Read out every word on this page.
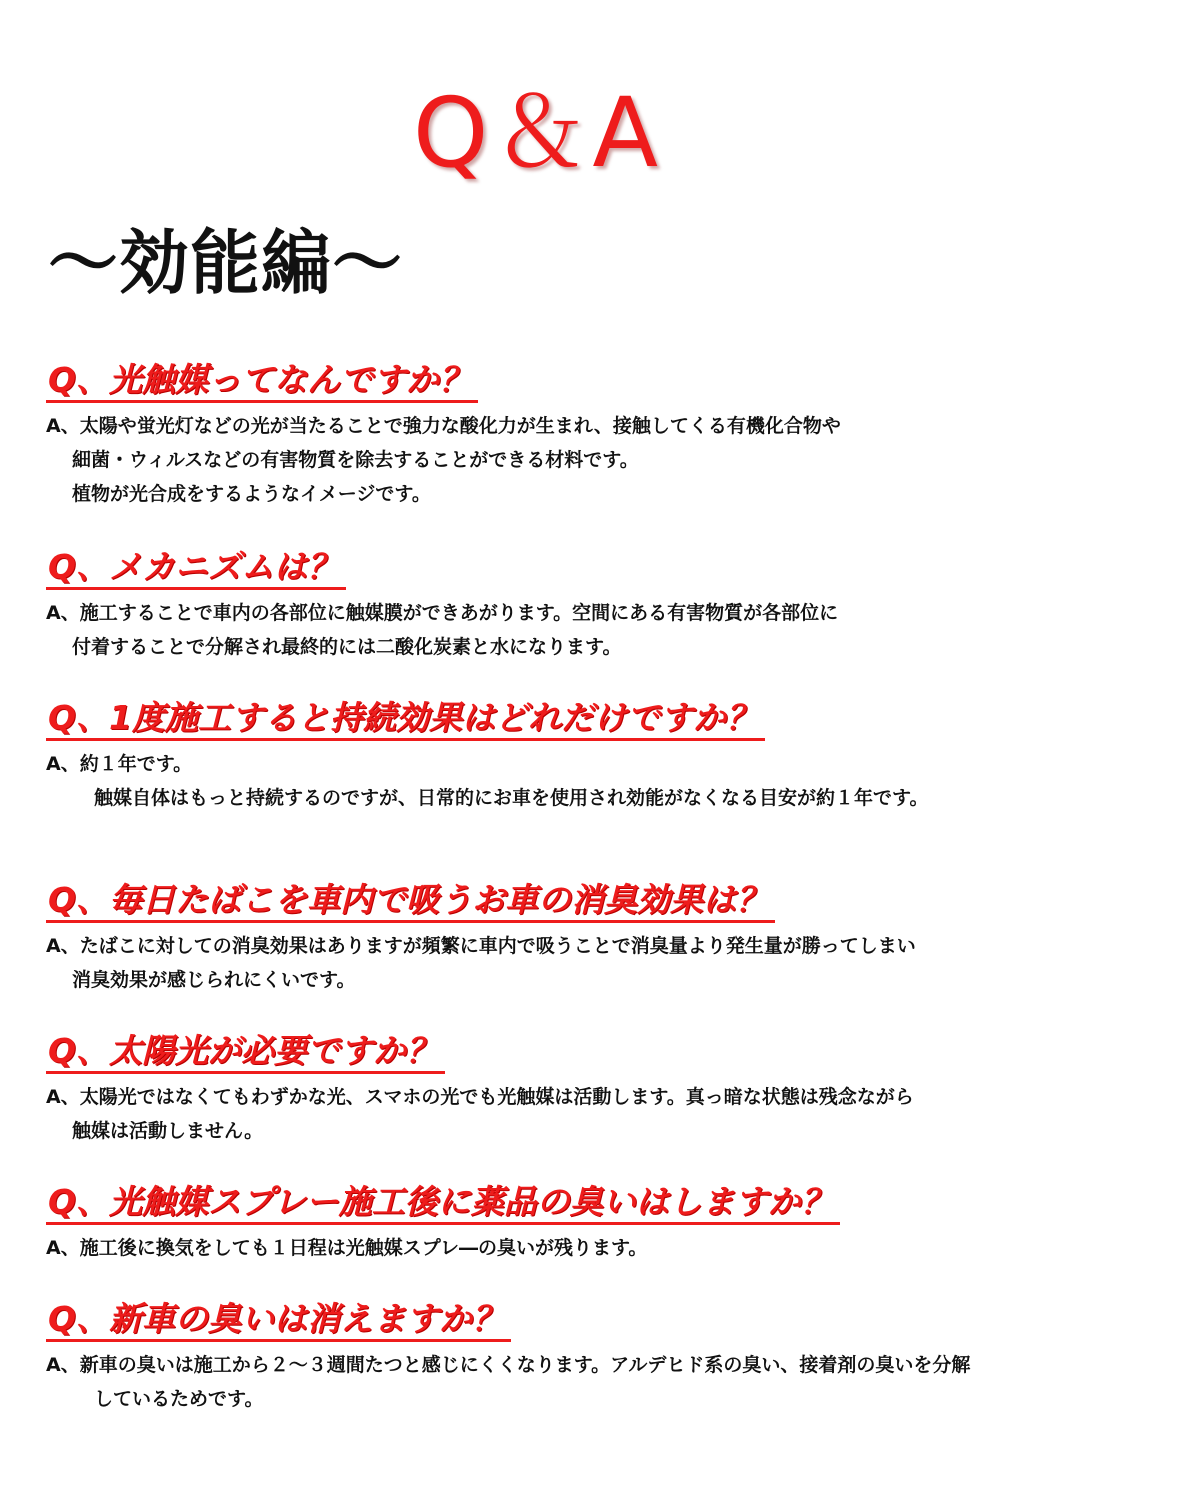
Q＆A
～効能編～
Q、光触媒ってなんですか？
A、太陽や蛍光灯などの光が当たることで強力な酸化力が生まれ、接触してくる有機化合物や
細菌・ウィルスなどの有害物質を除去することができる材料です。
植物が光合成をするようなイメージです。
Q、メカニズムは？
A、施工することで車内の各部位に触媒膜ができあがります。空間にある有害物質が各部位に
付着することで分解され最終的には二酸化炭素と水になります。
Q、1度施工すると持続効果はどれだけですか？
A、約１年です。
触媒自体はもっと持続するのですが、日常的にお車を使用され効能がなくなる目安が約１年です。
Q、毎日たばこを車内で吸うお車の消臭効果は？
A、たばこに対しての消臭効果はありますが頻繁に車内で吸うことで消臭量より発生量が勝ってしまい
消臭効果が感じられにくいです。
Q、太陽光が必要ですか？
A、太陽光ではなくてもわずかな光、スマホの光でも光触媒は活動します。真っ暗な状態は残念ながら
触媒は活動しません。
Q、光触媒スプレー施工後に薬品の臭いはしますか？
A、施工後に換気をしても１日程は光触媒スプレ―の臭いが残ります。
Q、新車の臭いは消えますか？
A、新車の臭いは施工から２～３週間たつと感じにくくなります。アルデヒド系の臭い、接着剤の臭いを分解
しているためです。
